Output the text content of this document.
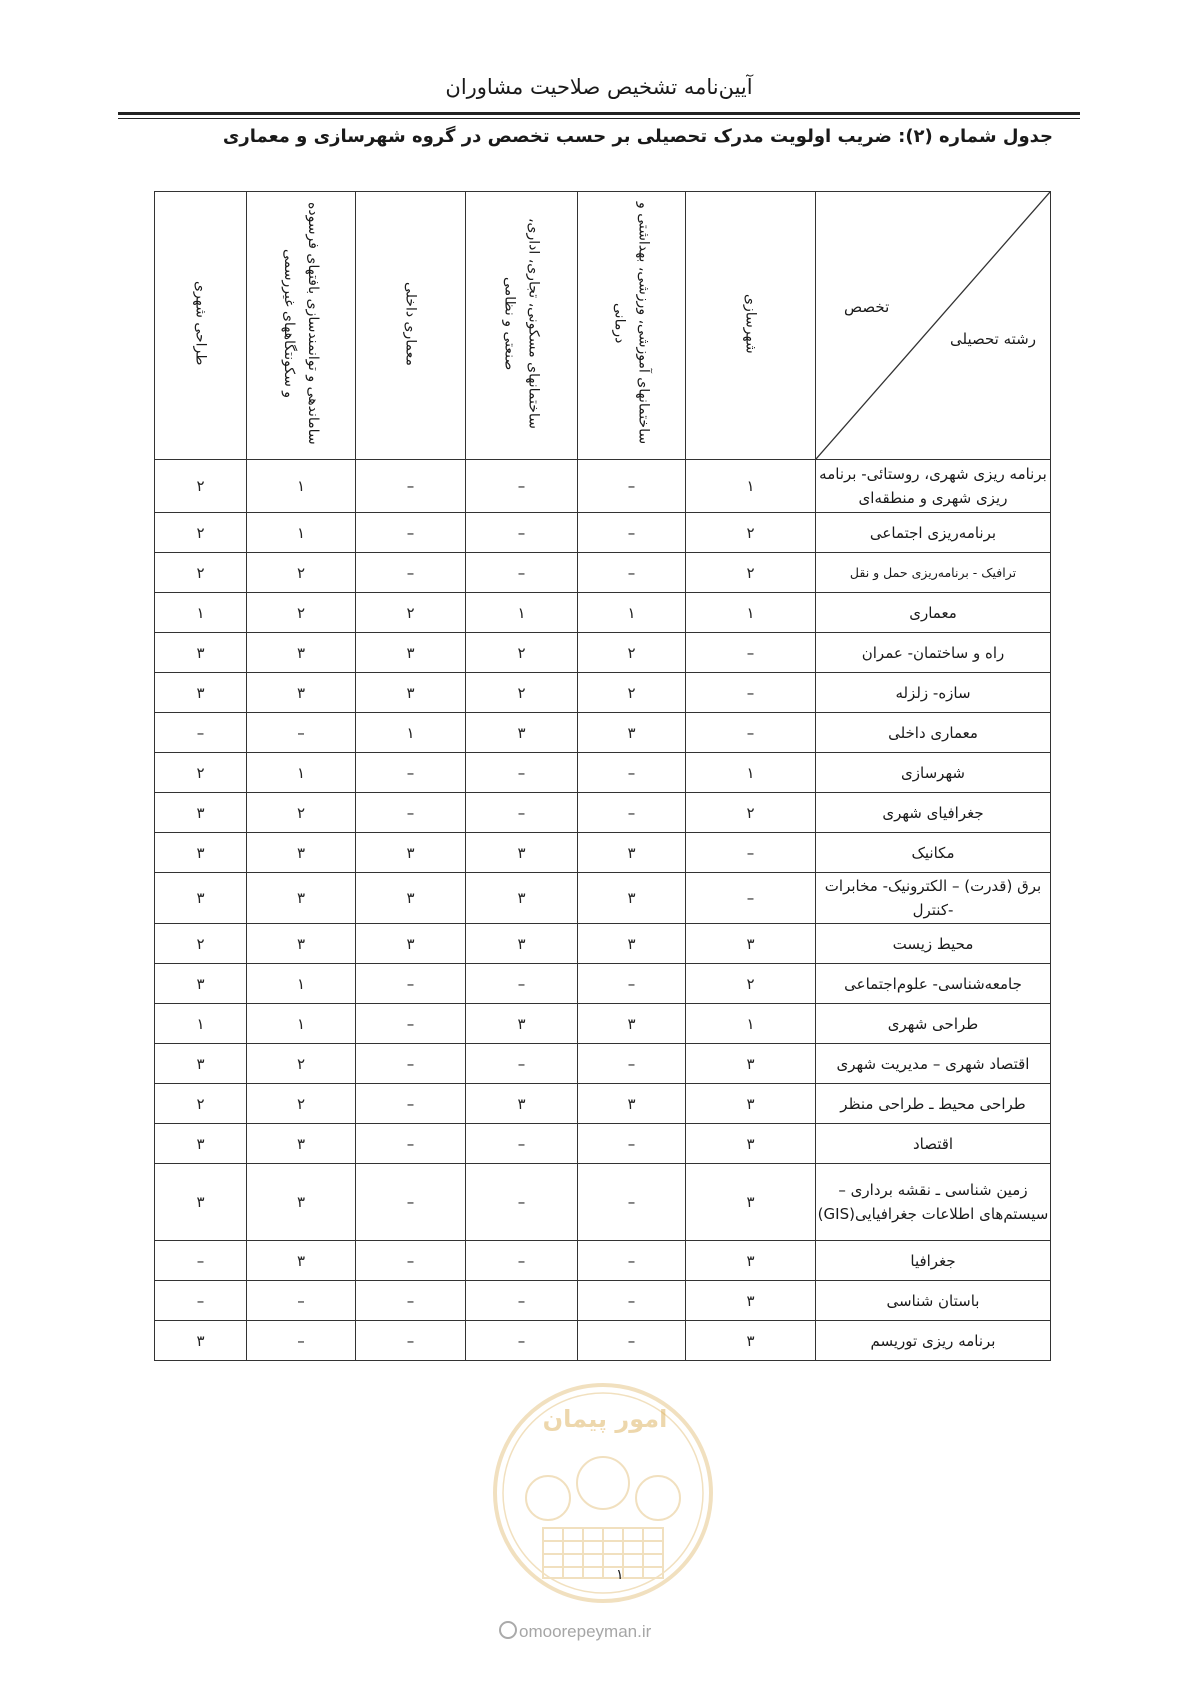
آیین‌نامه تشخیص صلاحیت مشاوران
جدول شماره (۲): ضریب اولویت مدرک تحصیلی بر حسب تخصص در گروه شهرسازی و معماری
تخصص
رشته تحصیلی	شهرسازی	ساختمانهای آموزشی، ورزشی، بهداشتی و درمانی	ساختمانهای مسکونی، تجاری، اداری، صنعتی و نظامی	معماری داخلی	ساماندهی و توانمندسازی بافتهای فرسوده و سکونتگاههای غیررسمی	طراحی شهری
برنامه ریزی شهری، روستائی- برنامه ریزی شهری و منطقه‌ای	۱	–	–	–	۱	۲
برنامه‌ریزی اجتماعی	۲	–	–	–	۱	۲
ترافیک - برنامه‌ریزی حمل و نقل	۲	–	–	–	۲	۲
معماری	۱	۱	۱	۲	۲	۱
راه و ساختمان- عمران	–	۲	۲	۳	۳	۳
سازه- زلزله	–	۲	۲	۳	۳	۳
معماری داخلی	–	۳	۳	۱	–	–
شهرسازی	۱	–	–	–	۱	۲
جغرافیای شهری	۲	–	–	–	۲	۳
مکانیک	–	۳	۳	۳	۳	۳
برق (قدرت) – الکترونیک- مخابرات -کنترل	–	۳	۳	۳	۳	۳
محیط زیست	۳	۳	۳	۳	۳	۲
جامعه‌شناسی- علوم‌اجتماعی	۲	–	–	–	۱	۳
طراحی شهری	۱	۳	۳	–	۱	۱
اقتصاد شهری – مدیریت شهری	۳	–	–	–	۲	۳
طراحی محیط ـ طراحی منظر	۳	۳	۳	–	۲	۲
اقتصاد	۳	–	–	–	۳	۳
زمین شناسی ـ نقشه برداری – سیستم‌های اطلاعات جغرافیایی(GIS)	۳	–	–	–	۳	۳
جغرافیا	۳	–	–	–	۳	–
باستان شناسی	۳	–	–	–	–	–
برنامه ریزی توریسم	۳	–	–	–	–	۳
امور پیمان
۱
omoorepeyman.ir
